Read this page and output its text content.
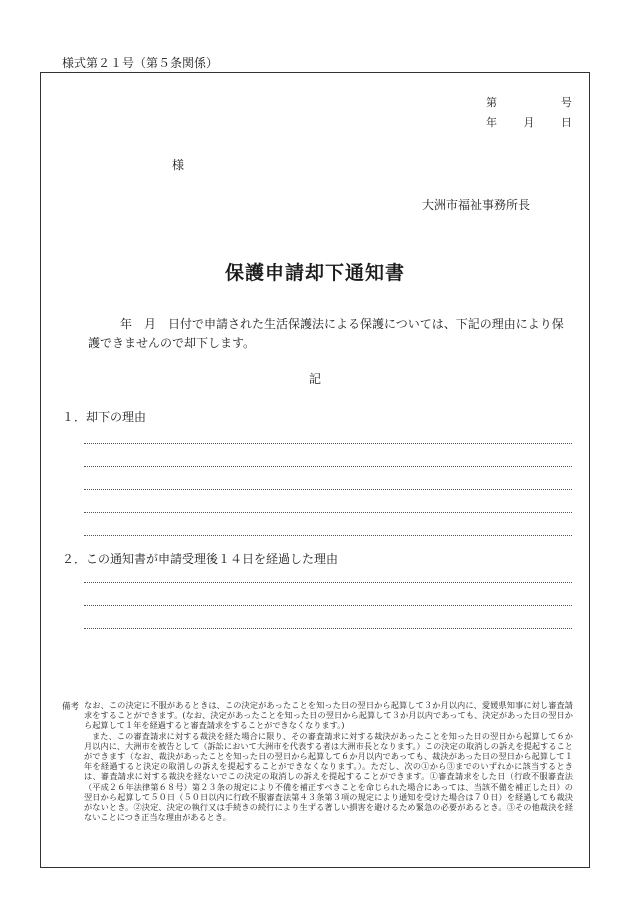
様式第２１号（第５条関係）
第	号
年 月 日
様
大洲市福祉事務所長
保護申請却下通知書
年　月　日付で申請された生活保護法による保護については、下記の理由により保護できませんので却下します。
記
１．却下の理由
２．この通知書が申請受理後１４日を経過した理由
備考 なお、この決定に不服があるときは、この決定があったことを知った日の翌日から起算して３か月以内に、愛媛県知事に対し審査請求をすることができます。(なお、決定があったことを知った日の翌日から起算して３か月以内であっても、決定があった日の翌日から起算して１年を経過すると審査請求をすることができなくなります。)

また、この審査請求に対する裁決を経た場合に限り、その審査請求に対する裁決があったことを知った日の翌日から起算して６か月以内に、大洲市を被告として（訴訟において大洲市を代表する者は大洲市長となります。）この決定の取消しの訴えを提起することができます（なお、裁決があったことを知った日の翌日から起算して６か月以内であっても、裁決があった日の翌日から起算して１年を経過すると決定の取消しの訴えを提起することができなくなります。）。ただし、次の①から③までのいずれかに該当するときは、審査請求に対する裁決を経ないでこの決定の取消しの訴えを提起することができます。①審査請求をした日（行政不服審査法（平成２６年法律第６８号）第２３条の規定により不備を補正すべきことを命じられた場合にあっては、当該不備を補正した日）の翌日から起算して５０日（５０日以内に行政不服審査法第４３条第３項の規定により通知を受けた場合は７０日）を経過しても裁決がないとき。②決定、決定の執行又は手続きの続行により生ずる著しい損害を避けるため緊急の必要があるとき。③その他裁決を経ないことにつき正当な理由があるとき。
